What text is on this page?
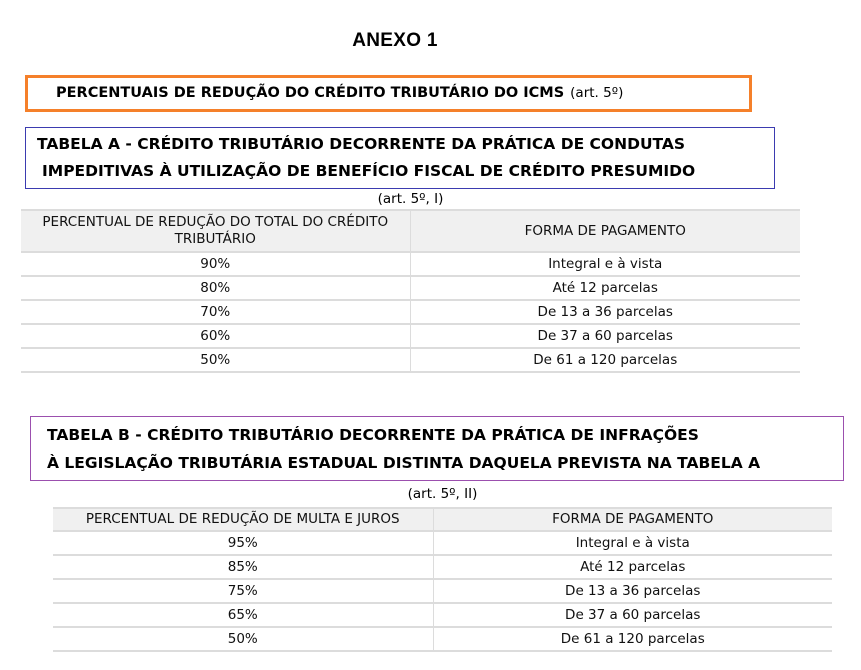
ANEXO 1
PERCENTUAIS DE REDUÇÃO DO CRÉDITO TRIBUTÁRIO DO ICMS (art. 5º)
TABELA A - CRÉDITO TRIBUTÁRIO DECORRENTE DA PRÁTICA DE CONDUTAS
IMPEDITIVAS À UTILIZAÇÃO DE BENEFÍCIO FISCAL DE CRÉDITO PRESUMIDO
(art. 5º, I)
PERCENTUAL DE REDUÇÃO DO TOTAL DO CRÉDITO TRIBUTÁRIO	FORMA DE PAGAMENTO
90%	Integral e à vista
80%	Até 12 parcelas
70%	De 13 a 36 parcelas
60%	De 37 a 60 parcelas
50%	De 61 a 120 parcelas
TABELA B - CRÉDITO TRIBUTÁRIO DECORRENTE DA PRÁTICA DE INFRAÇÕES
À LEGISLAÇÃO TRIBUTÁRIA ESTADUAL DISTINTA DAQUELA PREVISTA NA TABELA A
(art. 5º, II)
PERCENTUAL DE REDUÇÃO DE MULTA E JUROS	FORMA DE PAGAMENTO
95%	Integral e à vista
85%	Até 12 parcelas
75%	De 13 a 36 parcelas
65%	De 37 a 60 parcelas
50%	De 61 a 120 parcelas
